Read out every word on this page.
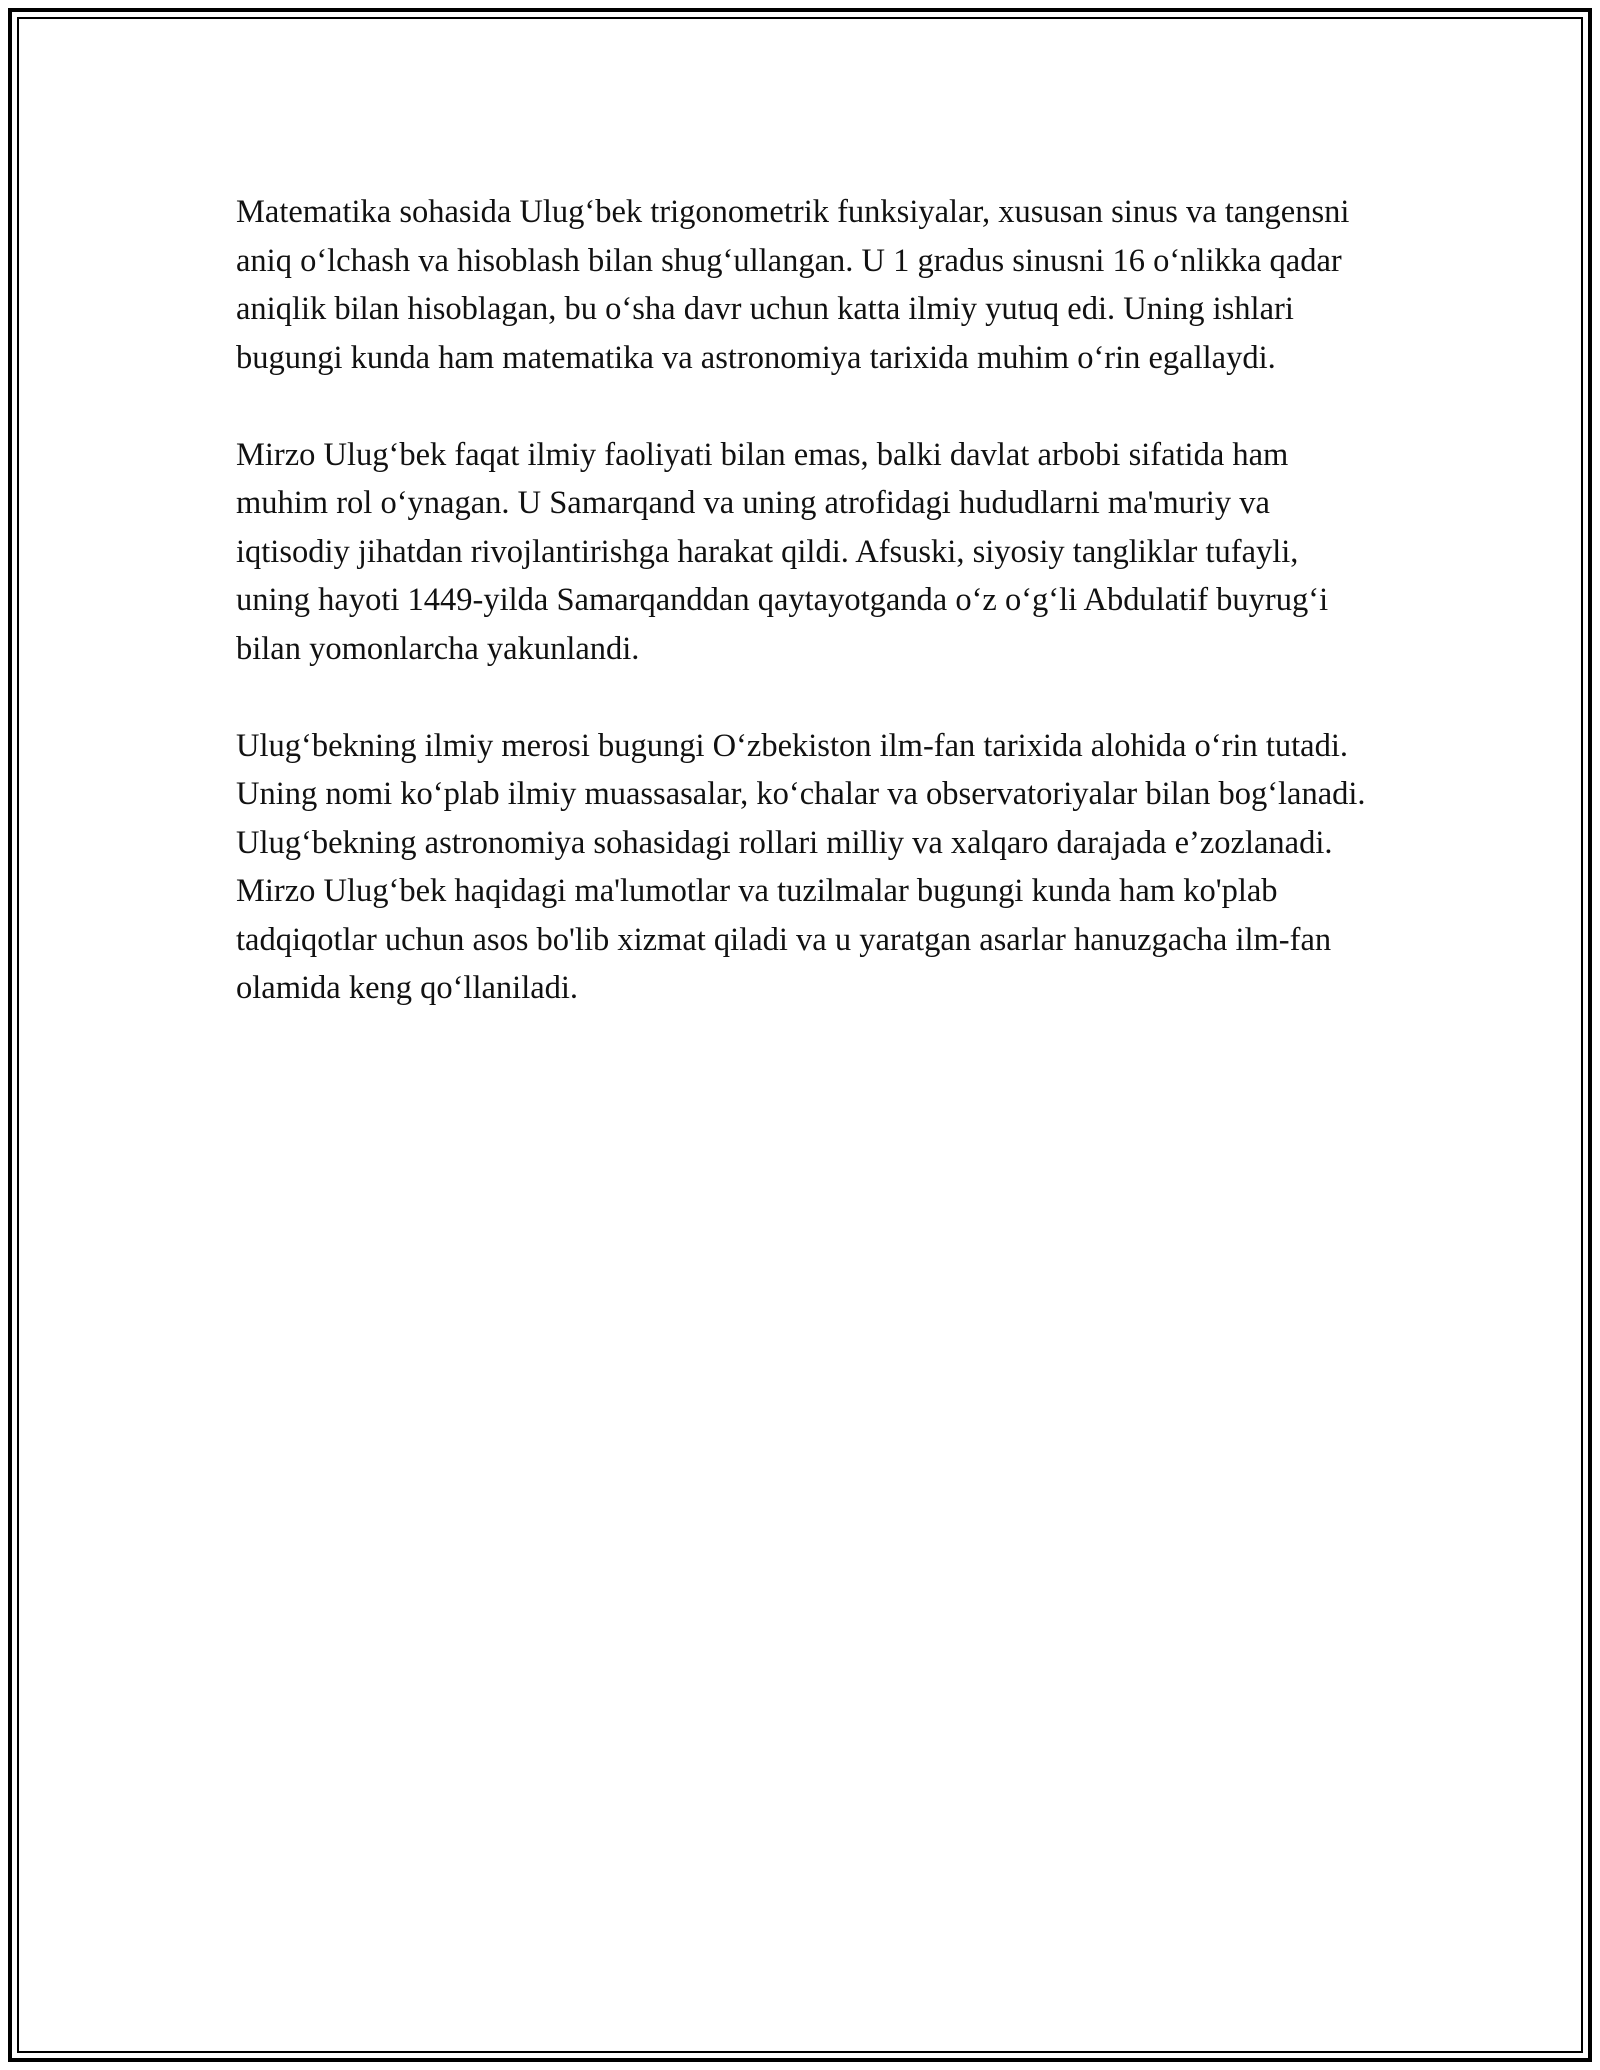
Matematika sohasida Ulug‘bek trigonometrik funksiyalar, xususan sinus va tangensni aniq o‘lchash va hisoblash bilan shug‘ullangan. U 1 gradus sinusni 16 o‘nlikka qadar aniqlik bilan hisoblagan, bu o‘sha davr uchun katta ilmiy yutuq edi. Uning ishlari bugungi kunda ham matematika va astronomiya tarixida muhim o‘rin egallaydi.

Mirzo Ulug‘bek faqat ilmiy faoliyati bilan emas, balki davlat arbobi sifatida ham muhim rol o‘ynagan. U Samarqand va uning atrofidagi hududlarni ma'muriy va iqtisodiy jihatdan rivojlantirishga harakat qildi. Afsuski, siyosiy tangliklar tufayli, uning hayoti 1449-yilda Samarqanddan qaytayotganda o‘z o‘g‘li Abdulatif buyrug‘i bilan yomonlarcha yakunlandi.

Ulug‘bekning ilmiy merosi bugungi O‘zbekiston ilm-fan tarixida alohida o‘rin tutadi. Uning nomi ko‘plab ilmiy muassasalar, ko‘chalar va observatoriyalar bilan bog‘lanadi. Ulug‘bekning astronomiya sohasidagi rollari milliy va xalqaro darajada e’zozlanadi. Mirzo Ulug‘bek haqidagi ma'lumotlar va tuzilmalar bugungi kunda ham ko'plab tadqiqotlar uchun asos bo'lib xizmat qiladi va u yaratgan asarlar hanuzgacha ilm-fan olamida keng qo‘llaniladi.
